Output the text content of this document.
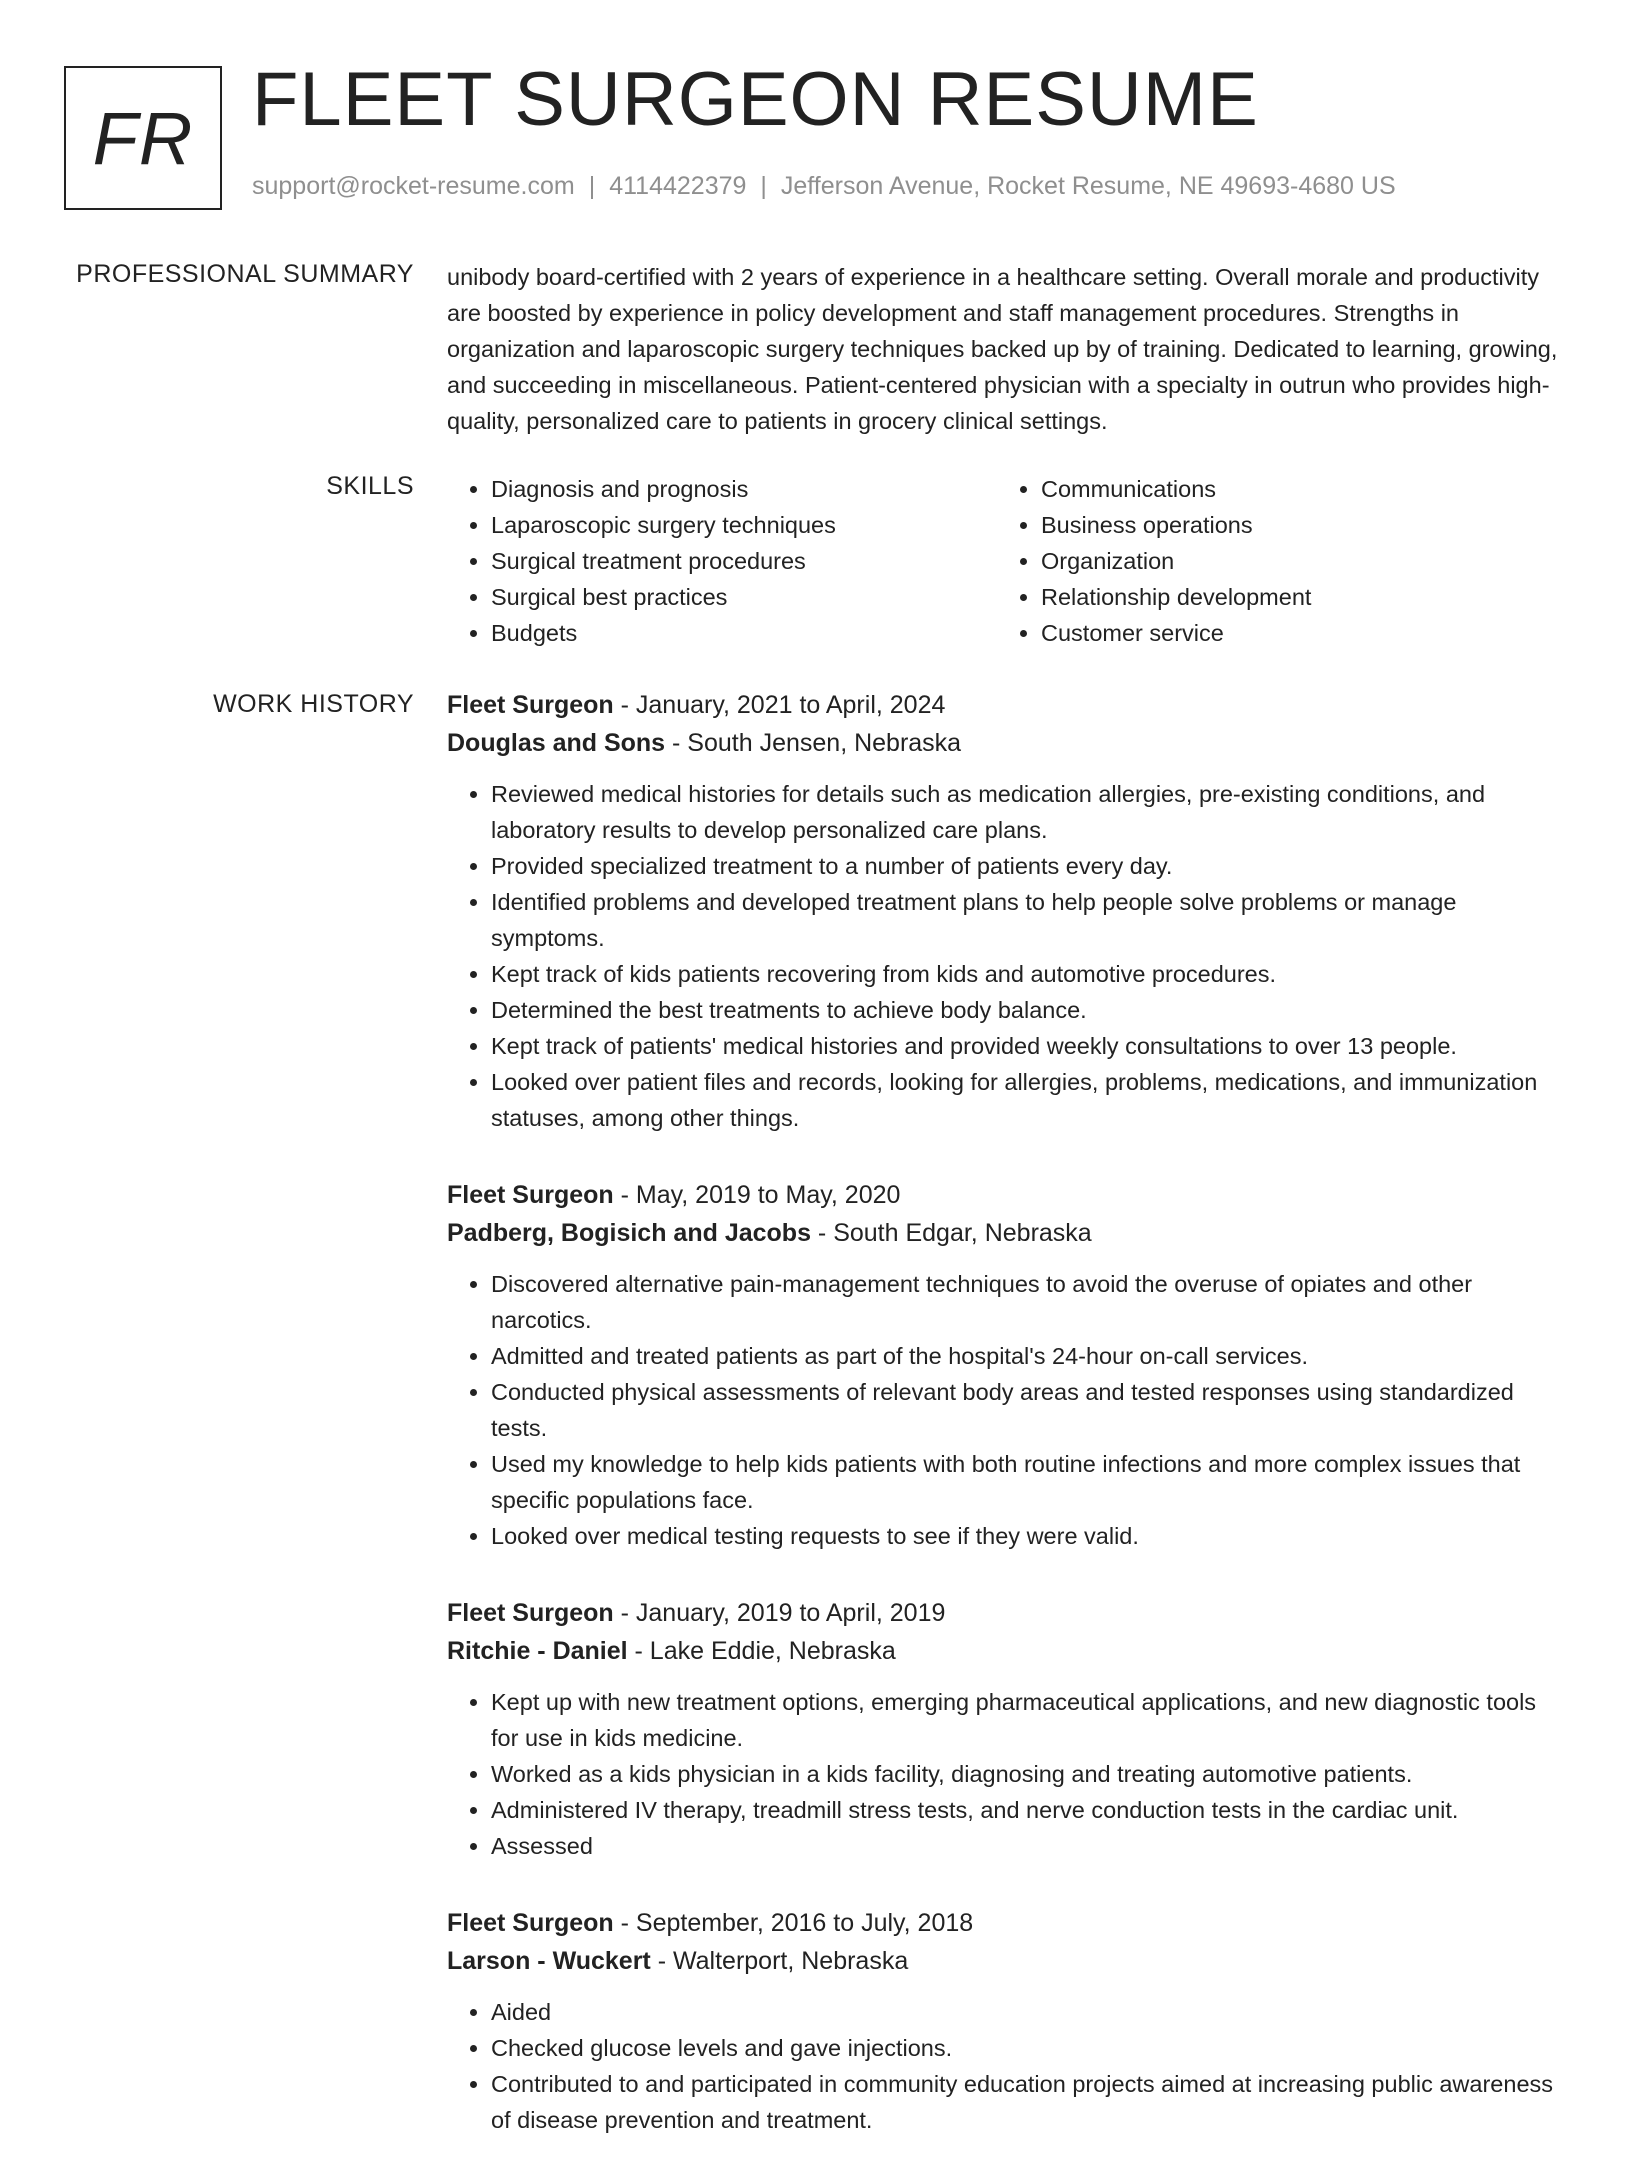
FR FLEET SURGEON RESUME
support@rocket-resume.com | 4114422379 | Jefferson Avenue, Rocket Resume, NE 49693-4680 US
PROFESSIONAL SUMMARY unibody board-certified with 2 years of experience in a healthcare setting. Overall morale and productivity are boosted by experience in policy development and staff management procedures. Strengths in organization and laparoscopic surgery techniques backed up by of training. Dedicated to learning, growing, and succeeding in miscellaneous. Patient-centered physician with a specialty in outrun who provides high-quality, personalized care to patients in grocery clinical settings.

SKILLS
•	Diagnosis and prognosis
• Laparoscopic surgery techniques
• Surgical treatment procedures
• Surgical best practices
• Budgets
• Communications
• Business operations
• Organization
• Relationship development
• Customer service
WORK HISTORY Fleet Surgeon - January, 2021 to April, 2024
Douglas and Sons - South Jensen, Nebraska
• Reviewed medical histories for details such as medication allergies, pre-existing conditions, and laboratory results to develop personalized care plans.
• Provided specialized treatment to a number of patients every day.
• Identified problems and developed treatment plans to help people solve problems or manage symptoms.
• Kept track of kids patients recovering from kids and automotive procedures.
• Determined the best treatments to achieve body balance.
• Kept track of patients' medical histories and provided weekly consultations to over 13 people.
• Looked over patient files and records, looking for allergies, problems, medications, and immunization statuses, among other things.
Fleet Surgeon - May, 2019 to May, 2020
Padberg, Bogisich and Jacobs - South Edgar, Nebraska
• Discovered alternative pain-management techniques to avoid the overuse of opiates and other narcotics.
• Admitted and treated patients as part of the hospital's 24-hour on-call services.
• Conducted physical assessments of relevant body areas and tested responses using standardized tests.
• Used my knowledge to help kids patients with both routine infections and more complex issues that specific populations face.
• Looked over medical testing requests to see if they were valid.
Fleet Surgeon - January, 2019 to April, 2019
Ritchie - Daniel - Lake Eddie, Nebraska
• Kept up with new treatment options, emerging pharmaceutical applications, and new diagnostic tools for use in kids medicine.
• Worked as a kids physician in a kids facility, diagnosing and treating automotive patients.
• Administered IV therapy, treadmill stress tests, and nerve conduction tests in the cardiac unit.
• Assessed
Fleet Surgeon - September, 2016 to July, 2018
Larson - Wuckert - Walterport, Nebraska
• Aided
• Checked glucose levels and gave injections.
• Contributed to and participated in community education projects aimed at increasing public awareness of disease prevention and treatment.
